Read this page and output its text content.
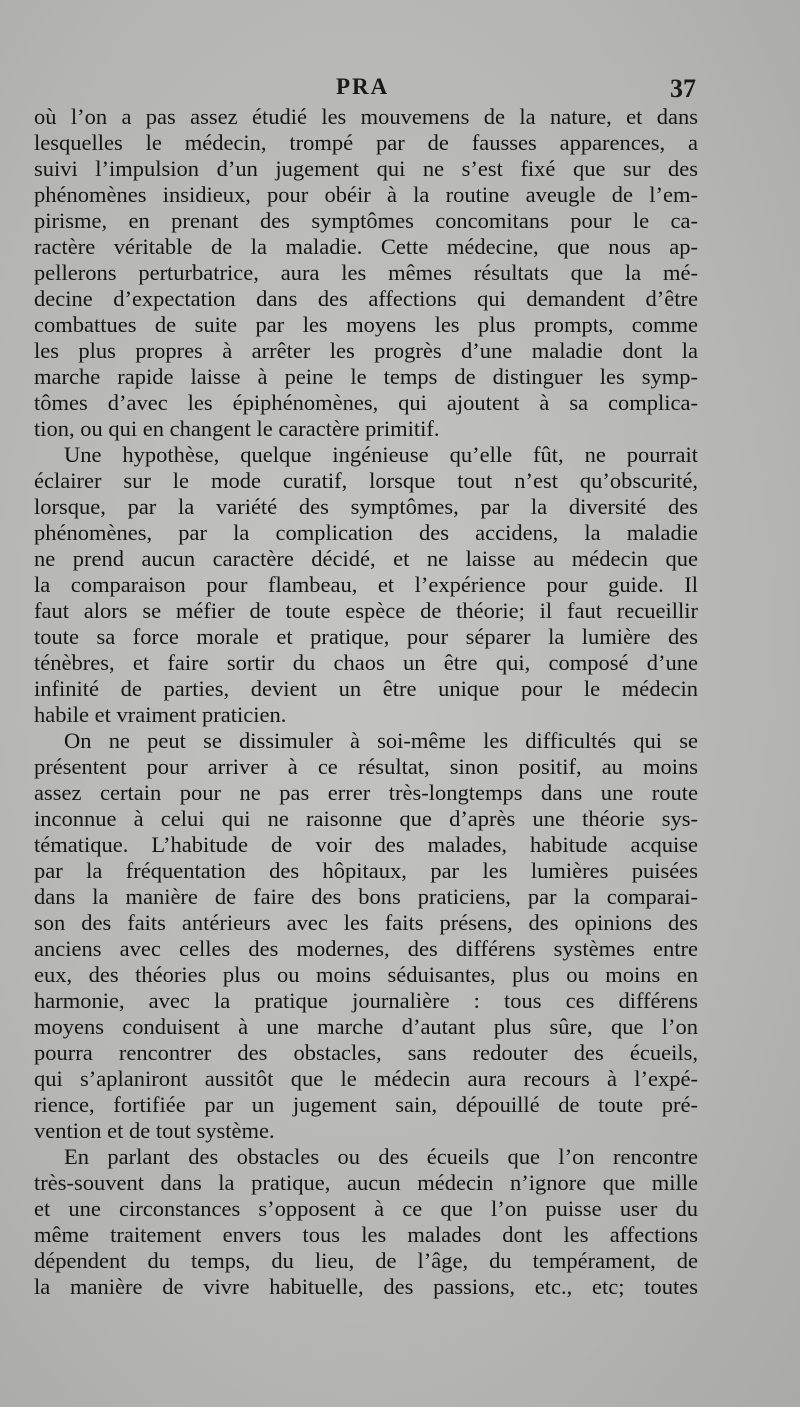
PRA	37
où l’on a pas assez étudié les mouvemens de la nature, et dans
lesquelles le médecin, trompé par de fausses apparences, a
suivi l’impulsion d’un jugement qui ne s’est fixé que sur des
phénomènes insidieux, pour obéir à la routine aveugle de l’em-
pirisme, en prenant des symptômes concomitans pour le ca-
ractère véritable de la maladie. Cette médecine, que nous ap-
pellerons perturbatrice, aura les mêmes résultats que la mé-
decine d’expectation dans des affections qui demandent d’être
combattues de suite par les moyens les plus prompts, comme
les plus propres à arrêter les progrès d’une maladie dont la
marche rapide laisse à peine le temps de distinguer les symp-
tômes d’avec les épiphénomènes, qui ajoutent à sa complica-
tion, ou qui en changent le caractère primitif.
Une hypothèse, quelque ingénieuse qu’elle fût, ne pourrait
éclairer sur le mode curatif, lorsque tout n’est qu’obscurité,
lorsque, par la variété des symptômes, par la diversité des
phénomènes, par la complication des accidens, la maladie
ne prend aucun caractère décidé, et ne laisse au médecin que
la comparaison pour flambeau, et l’expérience pour guide. Il
faut alors se méfier de toute espèce de théorie; il faut recueillir
toute sa force morale et pratique, pour séparer la lumière des
ténèbres, et faire sortir du chaos un être qui, composé d’une
infinité de parties, devient un être unique pour le médecin
habile et vraiment praticien.
On ne peut se dissimuler à soi-même les difficultés qui se
présentent pour arriver à ce résultat, sinon positif, au moins
assez certain pour ne pas errer très-longtemps dans une route
inconnue à celui qui ne raisonne que d’après une théorie sys-
tématique. L’habitude de voir des malades, habitude acquise
par la fréquentation des hôpitaux, par les lumières puisées
dans la manière de faire des bons praticiens, par la comparai-
son des faits antérieurs avec les faits présens, des opinions des
anciens avec celles des modernes, des différens systèmes entre
eux, des théories plus ou moins séduisantes, plus ou moins en
harmonie, avec la pratique journalière : tous ces différens
moyens conduisent à une marche d’autant plus sûre, que l’on
pourra rencontrer des obstacles, sans redouter des écueils,
qui s’aplaniront aussitôt que le médecin aura recours à l’expé-
rience, fortifiée par un jugement sain, dépouillé de toute pré-
vention et de tout système.
En parlant des obstacles ou des écueils que l’on rencontre
très-souvent dans la pratique, aucun médecin n’ignore que mille
et une circonstances s’opposent à ce que l’on puisse user du
même traitement envers tous les malades dont les affections
dépendent du temps, du lieu, de l’âge, du tempérament, de
la manière de vivre habituelle, des passions, etc., etc; toutes
